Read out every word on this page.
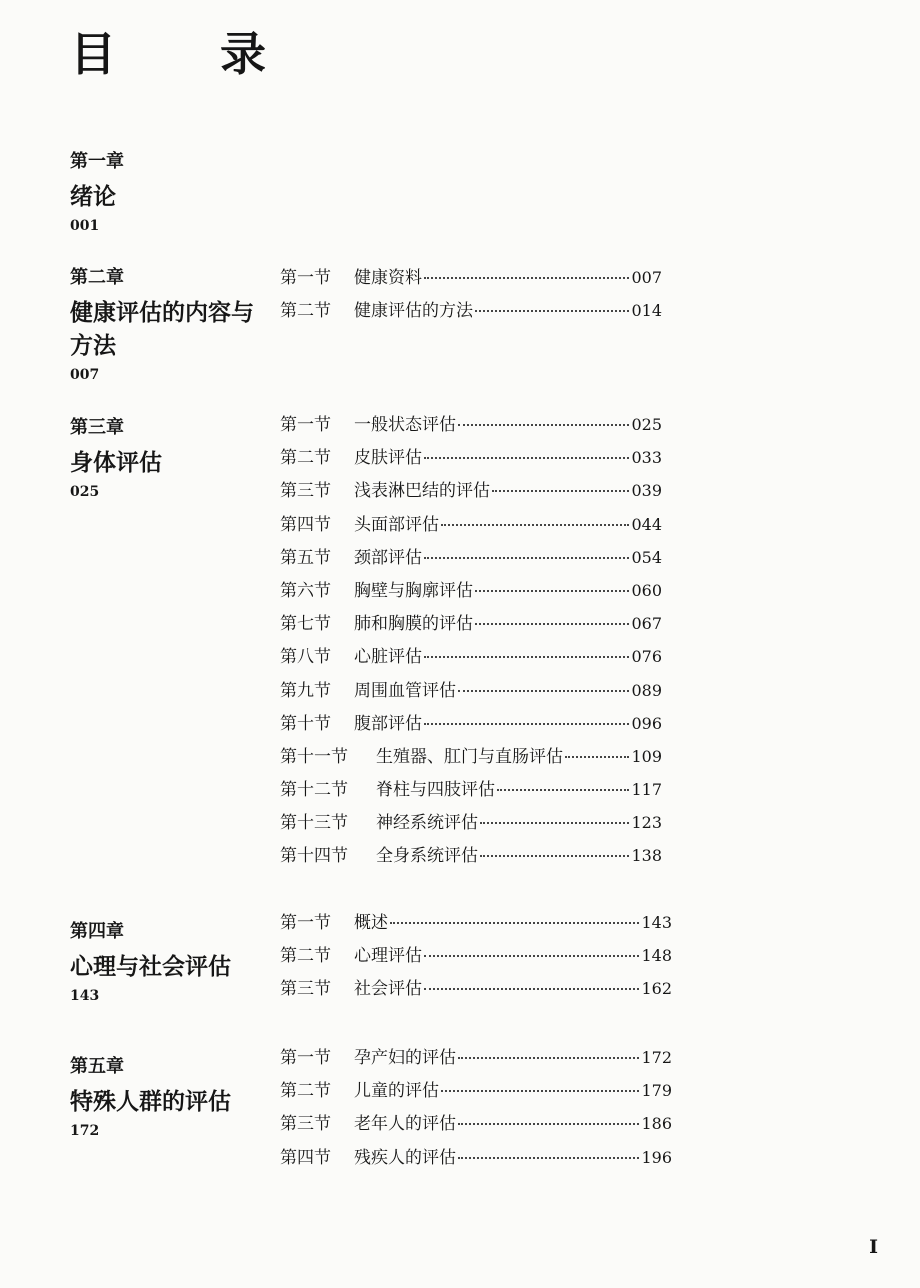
目 录
第一章
绪论
001
第二章
健康评估的内容与方法
007
第一节	健康资料	007
第二节	健康评估的方法	014
第三章
身体评估
025
第一节	一般状态评估	025
第二节	皮肤评估	033
第三节	浅表淋巴结的评估	039
第四节	头面部评估	044
第五节	颈部评估	054
第六节	胸壁与胸廓评估	060
第七节	肺和胸膜的评估	067
第八节	心脏评估	076
第九节	周围血管评估	089
第十节	腹部评估	096
第十一节	生殖器、肛门与直肠评估	109
第十二节	脊柱与四肢评估	117
第十三节	神经系统评估	123
第十四节	全身系统评估	138
第四章
心理与社会评估
143
第一节	概述	143
第二节	心理评估	148
第三节	社会评估	162
第五章
特殊人群的评估
172
第一节	孕产妇的评估	172
第二节	儿童的评估	179
第三节	老年人的评估	186
第四节	残疾人的评估	196
I
